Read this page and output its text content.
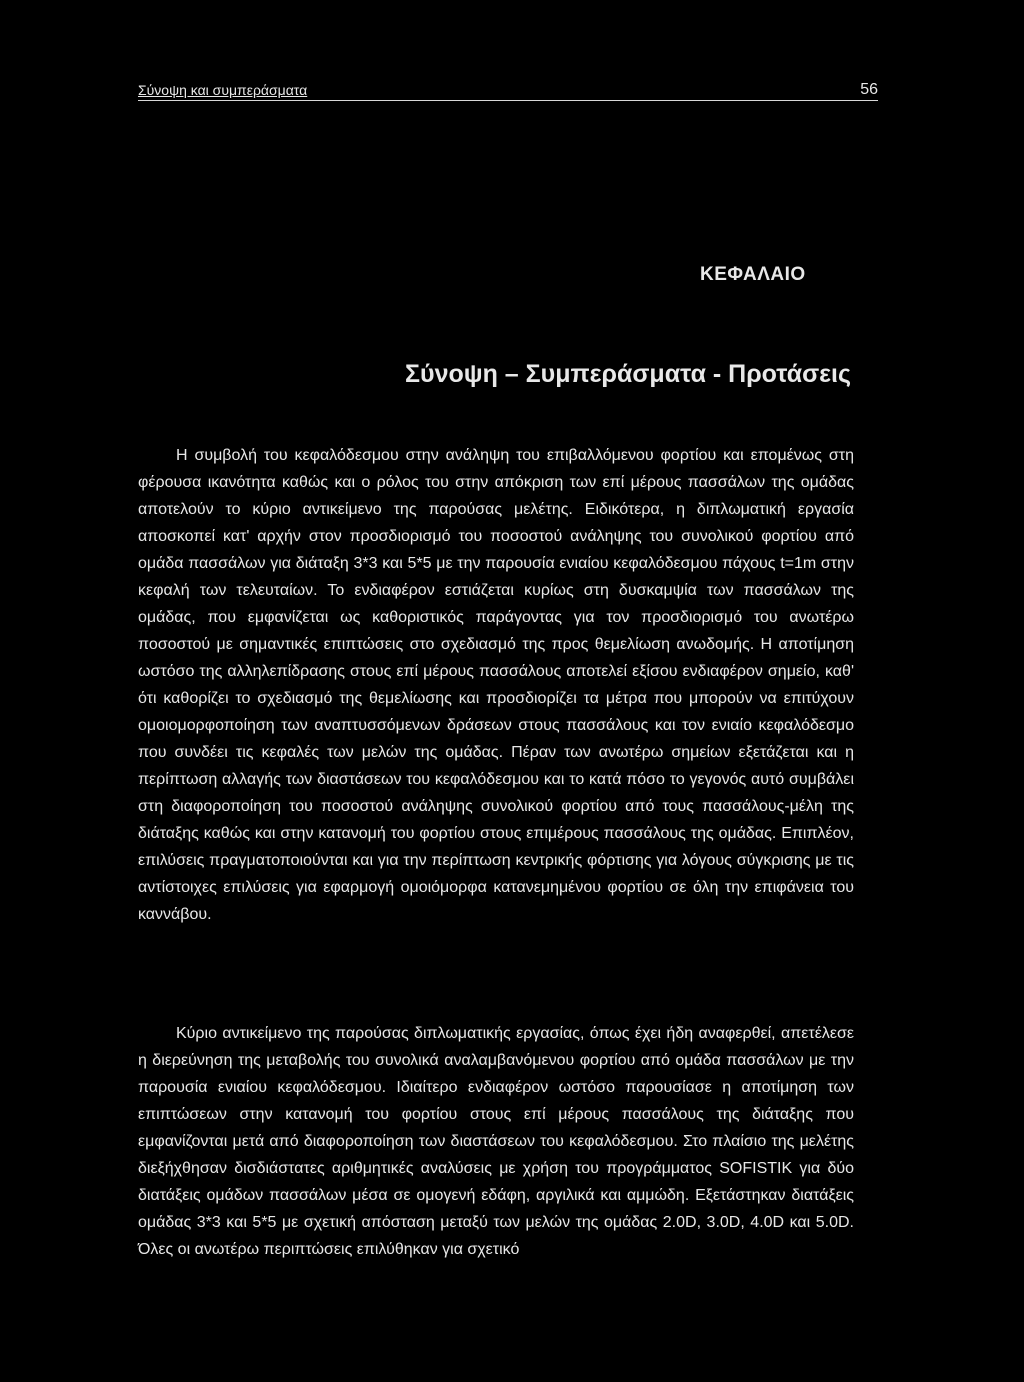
Σύνοψη και συμπεράσματα	56
ΚΕΦΑΛΑΙΟ
Σύνοψη – Συμπεράσματα - Προτάσεις
Η συμβολή του κεφαλόδεσμου στην ανάληψη του επιβαλλόμενου φορτίου και επομένως στη φέρουσα ικανότητα καθώς και ο ρόλος του στην απόκριση των επί μέρους πασσάλων της ομάδας αποτελούν το κύριο αντικείμενο της παρούσας μελέτης. Ειδικότερα, η διπλωματική εργασία αποσκοπεί κατ' αρχήν στον προσδιορισμό του ποσοστού ανάληψης του συνολικού φορτίου από ομάδα πασσάλων για διάταξη 3*3 και 5*5 με την παρουσία ενιαίου κεφαλόδεσμου πάχους t=1m στην κεφαλή των τελευταίων. Το ενδιαφέρον εστιάζεται κυρίως στη δυσκαμψία των πασσάλων της ομάδας, που εμφανίζεται ως καθοριστικός παράγοντας για τον προσδιορισμό του ανωτέρω ποσοστού με σημαντικές επιπτώσεις στο σχεδιασμό της προς θεμελίωση ανωδομής. Η αποτίμηση ωστόσο της αλληλεπίδρασης στους επί μέρους πασσάλους αποτελεί εξίσου ενδιαφέρον σημείο, καθ' ότι καθορίζει το σχεδιασμό της θεμελίωσης και προσδιορίζει τα μέτρα που μπορούν να επιτύχουν ομοιομορφοποίηση των αναπτυσσόμενων δράσεων στους πασσάλους και τον ενιαίο κεφαλόδεσμο που συνδέει τις κεφαλές των μελών της ομάδας. Πέραν των ανωτέρω σημείων εξετάζεται και η περίπτωση αλλαγής των διαστάσεων του κεφαλόδεσμου και το κατά πόσο το γεγονός αυτό συμβάλει στη διαφοροποίηση του ποσοστού ανάληψης συνολικού φορτίου από τους πασσάλους-μέλη της διάταξης καθώς και στην κατανομή του φορτίου στους επιμέρους πασσάλους της ομάδας. Επιπλέον, επιλύσεις πραγματοποιούνται και για την περίπτωση κεντρικής φόρτισης για λόγους σύγκρισης με τις αντίστοιχες επιλύσεις για εφαρμογή ομοιόμορφα κατανεμημένου φορτίου σε όλη την επιφάνεια του καννάβου.
Κύριο αντικείμενο της παρούσας διπλωματικής εργασίας, όπως έχει ήδη αναφερθεί, απετέλεσε η διερεύνηση της μεταβολής του συνολικά αναλαμβανόμενου φορτίου από ομάδα πασσάλων με την παρουσία ενιαίου κεφαλόδεσμου. Ιδιαίτερο ενδιαφέρον ωστόσο παρουσίασε η αποτίμηση των επιπτώσεων στην κατανομή του φορτίου στους επί μέρους πασσάλους της διάταξης που εμφανίζονται μετά από διαφοροποίηση των διαστάσεων του κεφαλόδεσμου. Στο πλαίσιο της μελέτης διεξήχθησαν δισδιάστατες αριθμητικές αναλύσεις με χρήση του προγράμματος SOFISTIK για δύο διατάξεις ομάδων πασσάλων μέσα σε ομογενή εδάφη, αργιλικά και αμμώδη. Εξετάστηκαν διατάξεις ομάδας 3*3 και 5*5 με σχετική απόσταση μεταξύ των μελών της ομάδας 2.0D, 3.0D, 4.0D και 5.0D. Όλες οι ανωτέρω περιπτώσεις επιλύθηκαν για σχετικό
